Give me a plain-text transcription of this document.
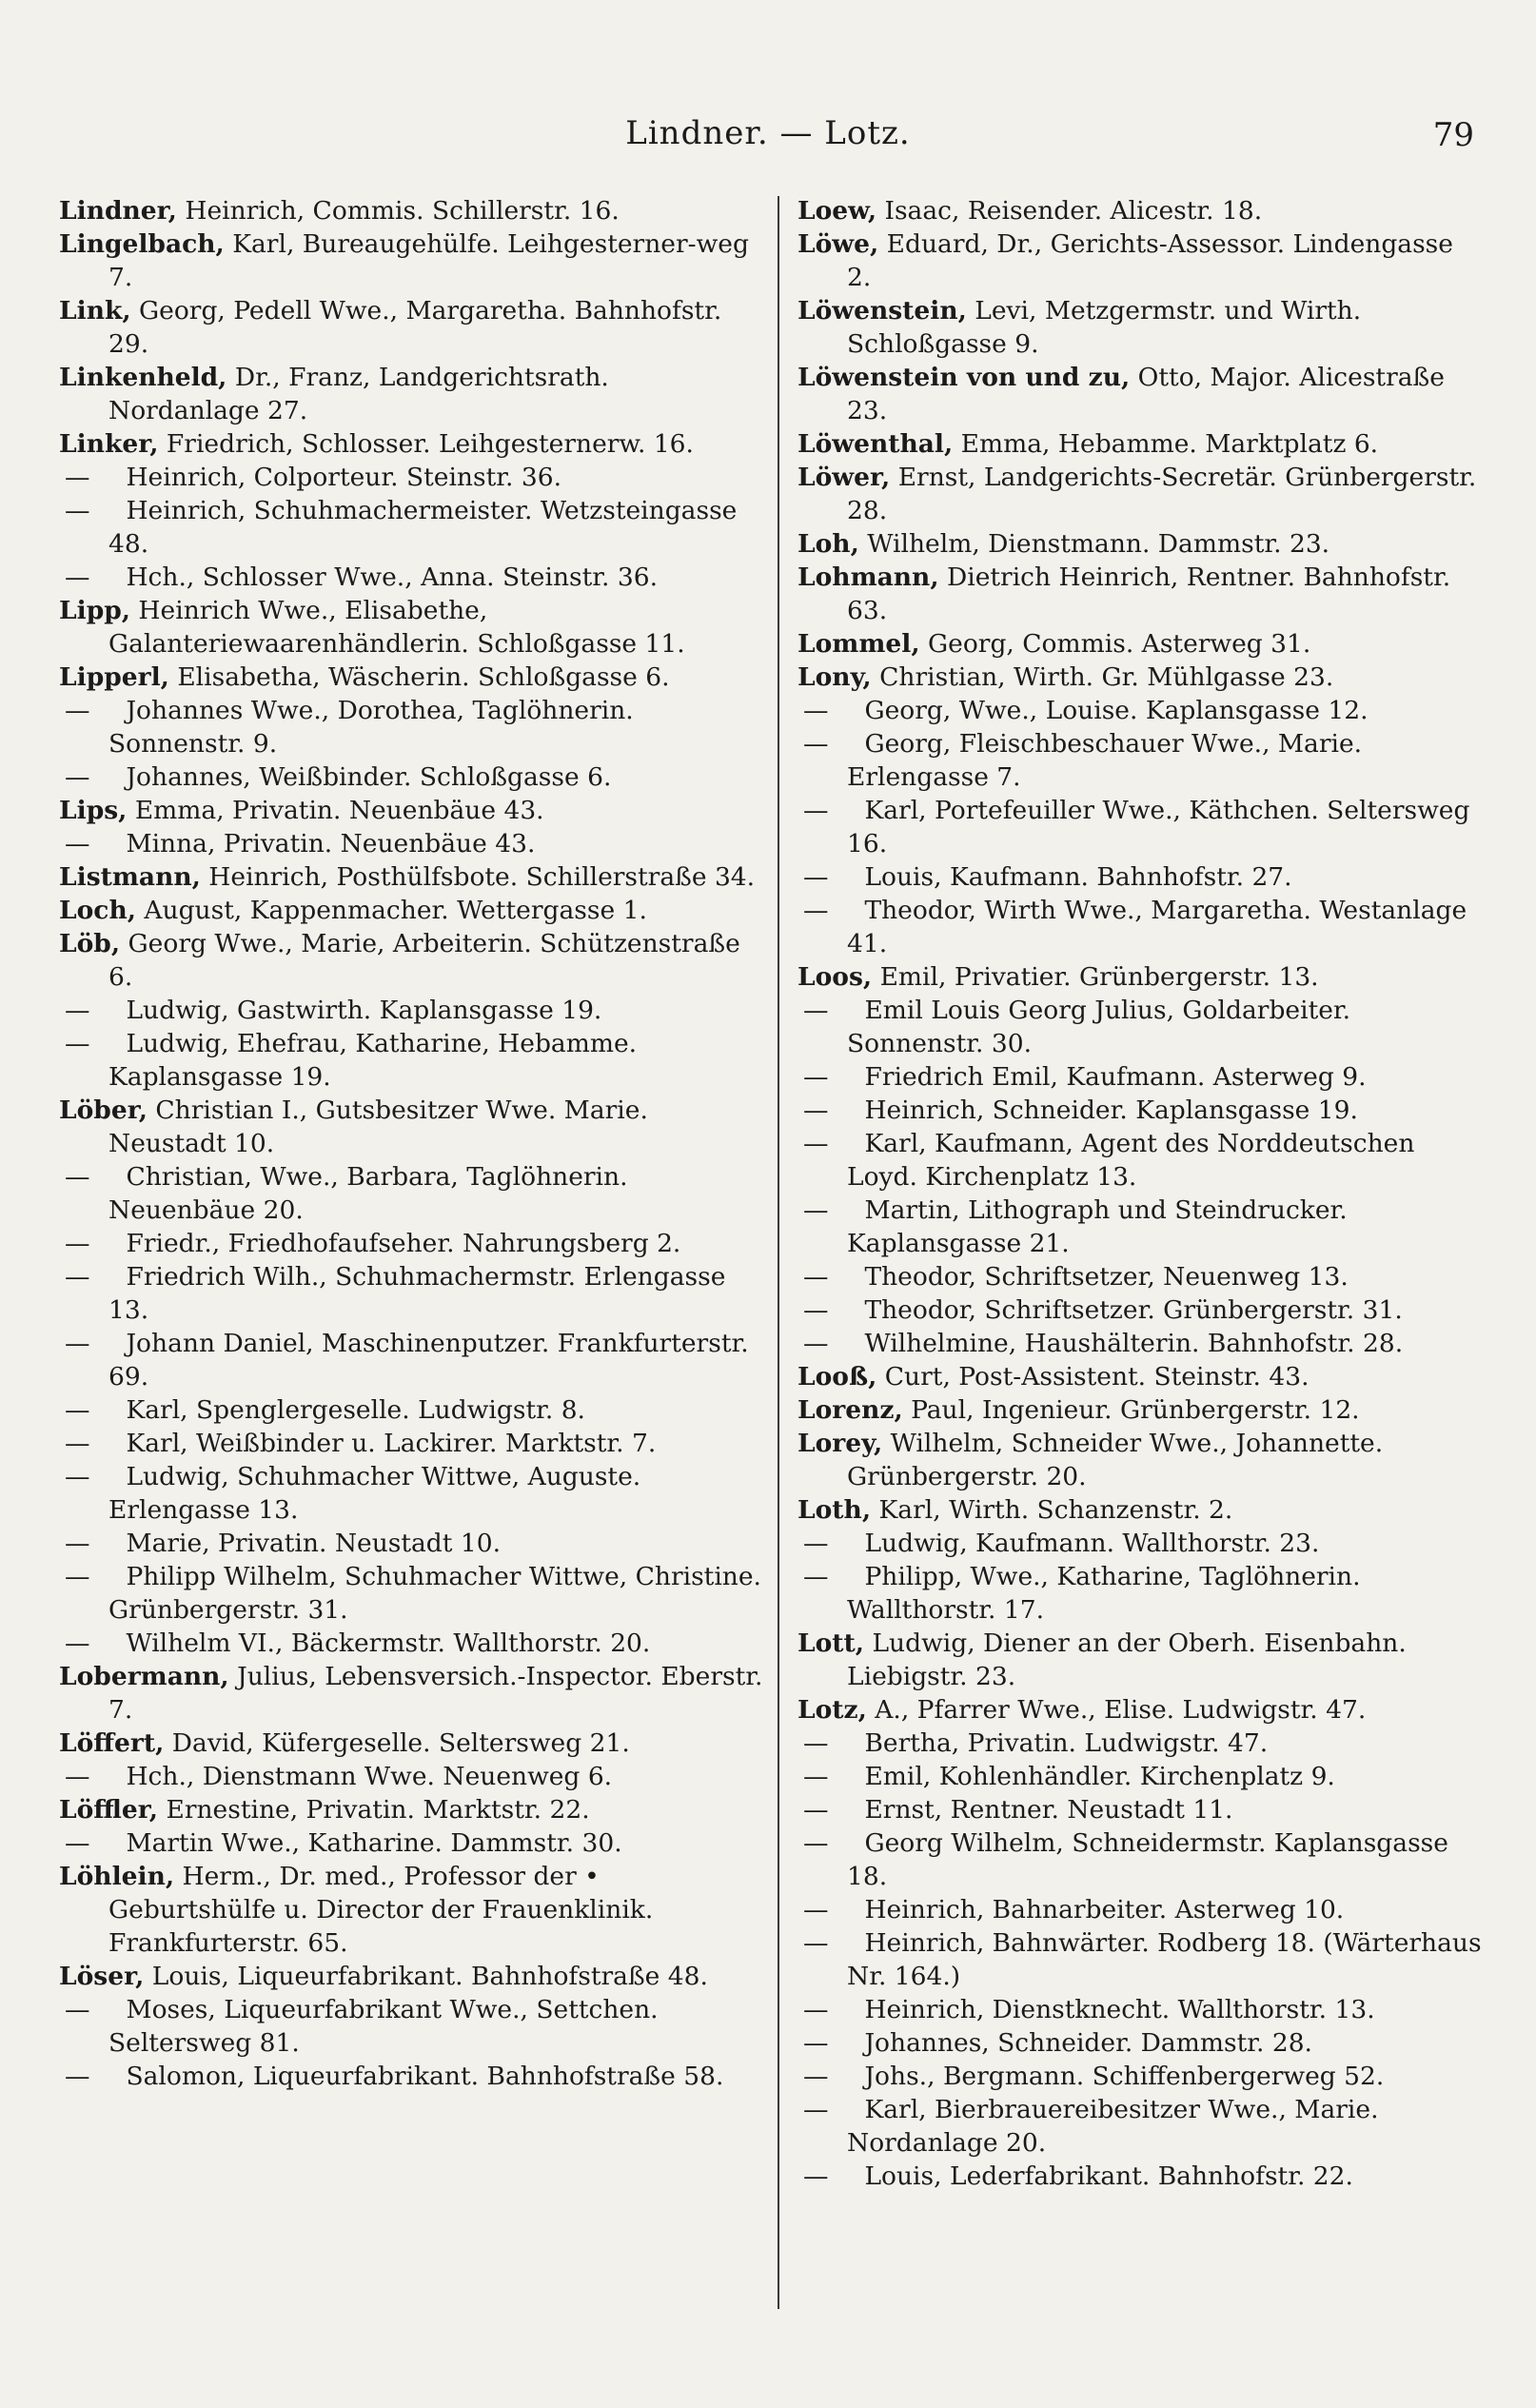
Lindner. — Lotz.	79

Lindner, Heinrich, Commis. Schillerstr. 16.

Lingelbach, Karl, Bureaugehülfe. Leihgesterner-weg 7.

Link, Georg, Pedell Wwe., Margaretha. Bahnhofstr. 29.

Linkenheld, Dr., Franz, Landgerichtsrath. Nordanlage 27.

Linker, Friedrich, Schlosser. Leihgesternerw. 16.

— Heinrich, Colporteur. Steinstr. 36.

— Heinrich, Schuhmachermeister. Wetzsteingasse 48.

— Hch., Schlosser Wwe., Anna. Steinstr. 36.

Lipp, Heinrich Wwe., Elisabethe, Galanteriewaarenhändlerin. Schloßgasse 11.

Lipperl, Elisabetha, Wäscherin. Schloßgasse 6.

— Johannes Wwe., Dorothea, Taglöhnerin. Sonnenstr. 9.

— Johannes, Weißbinder. Schloßgasse 6.

Lips, Emma, Privatin. Neuenbäue 43.

— Minna, Privatin. Neuenbäue 43.

Listmann, Heinrich, Posthülfsbote. Schillerstraße 34.

Loch, August, Kappenmacher. Wettergasse 1.

Löb, Georg Wwe., Marie, Arbeiterin. Schützenstraße 6.

— Ludwig, Gastwirth. Kaplansgasse 19.

— Ludwig, Ehefrau, Katharine, Hebamme. Kaplansgasse 19.

Löber, Christian I., Gutsbesitzer Wwe. Marie. Neustadt 10.

— Christian, Wwe., Barbara, Taglöhnerin. Neuenbäue 20.

— Friedr., Friedhofaufseher. Nahrungsberg 2.

— Friedrich Wilh., Schuhmachermstr. Erlengasse 13.

— Johann Daniel, Maschinenputzer. Frankfurterstr. 69.

— Karl, Spenglergeselle. Ludwigstr. 8.

— Karl, Weißbinder u. Lackirer. Marktstr. 7.

— Ludwig, Schuhmacher Wittwe, Auguste. Erlengasse 13.

— Marie, Privatin. Neustadt 10.

— Philipp Wilhelm, Schuhmacher Wittwe, Christine. Grünbergerstr. 31.

— Wilhelm VI., Bäckermstr. Wallthorstr. 20.

Lobermann, Julius, Lebensversich.-Inspector. Eberstr. 7.

Löffert, David, Küfergeselle. Seltersweg 21.

— Hch., Dienstmann Wwe. Neuenweg 6.

Löffler, Ernestine, Privatin. Marktstr. 22.

— Martin Wwe., Katharine. Dammstr. 30.

Löhlein, Herm., Dr. med., Professor der • Geburtshülfe u. Director der Frauenklinik. Frankfurterstr. 65.

Löser, Louis, Liqueurfabrikant. Bahnhofstraße 48.

— Moses, Liqueurfabrikant Wwe., Settchen. Seltersweg 81.

— Salomon, Liqueurfabrikant. Bahnhofstraße 58.

Loew, Isaac, Reisender. Alicestr. 18.

Löwe, Eduard, Dr., Gerichts-Assessor. Lindengasse 2.

Löwenstein, Levi, Metzgermstr. und Wirth. Schloßgasse 9.

Löwenstein von und zu, Otto, Major. Alicestraße 23.

Löwenthal, Emma, Hebamme. Marktplatz 6.

Löwer, Ernst, Landgerichts-Secretär. Grünbergerstr. 28.

Loh, Wilhelm, Dienstmann. Dammstr. 23.

Lohmann, Dietrich Heinrich, Rentner. Bahnhofstr. 63.

Lommel, Georg, Commis. Asterweg 31.

Lony, Christian, Wirth. Gr. Mühlgasse 23.

— Georg, Wwe., Louise. Kaplansgasse 12.

— Georg, Fleischbeschauer Wwe., Marie. Erlengasse 7.

— Karl, Portefeuiller Wwe., Käthchen. Seltersweg 16.

— Louis, Kaufmann. Bahnhofstr. 27.

— Theodor, Wirth Wwe., Margaretha. Westanlage 41.

Loos, Emil, Privatier. Grünbergerstr. 13.

— Emil Louis Georg Julius, Goldarbeiter. Sonnenstr. 30.

— Friedrich Emil, Kaufmann. Asterweg 9.

— Heinrich, Schneider. Kaplansgasse 19.

— Karl, Kaufmann, Agent des Norddeutschen Loyd. Kirchenplatz 13.

— Martin, Lithograph und Steindrucker. Kaplansgasse 21.

— Theodor, Schriftsetzer, Neuenweg 13.

— Theodor, Schriftsetzer. Grünbergerstr. 31.

— Wilhelmine, Haushälterin. Bahnhofstr. 28.

Looß, Curt, Post-Assistent. Steinstr. 43.

Lorenz, Paul, Ingenieur. Grünbergerstr. 12.

Lorey, Wilhelm, Schneider Wwe., Johannette. Grünbergerstr. 20.

Loth, Karl, Wirth. Schanzenstr. 2.

— Ludwig, Kaufmann. Wallthorstr. 23.

— Philipp, Wwe., Katharine, Taglöhnerin. Wallthorstr. 17.

Lott, Ludwig, Diener an der Oberh. Eisenbahn. Liebigstr. 23.

Lotz, A., Pfarrer Wwe., Elise. Ludwigstr. 47.

— Bertha, Privatin. Ludwigstr. 47.

— Emil, Kohlenhändler. Kirchenplatz 9.

— Ernst, Rentner. Neustadt 11.

— Georg Wilhelm, Schneidermstr. Kaplansgasse 18.

— Heinrich, Bahnarbeiter. Asterweg 10.

— Heinrich, Bahnwärter. Rodberg 18. (Wärterhaus Nr. 164.)

— Heinrich, Dienstknecht. Wallthorstr. 13.

— Johannes, Schneider. Dammstr. 28.

— Johs., Bergmann. Schiffenbergerweg 52.

— Karl, Bierbrauereibesitzer Wwe., Marie. Nordanlage 20.

— Louis, Lederfabrikant. Bahnhofstr. 22.
